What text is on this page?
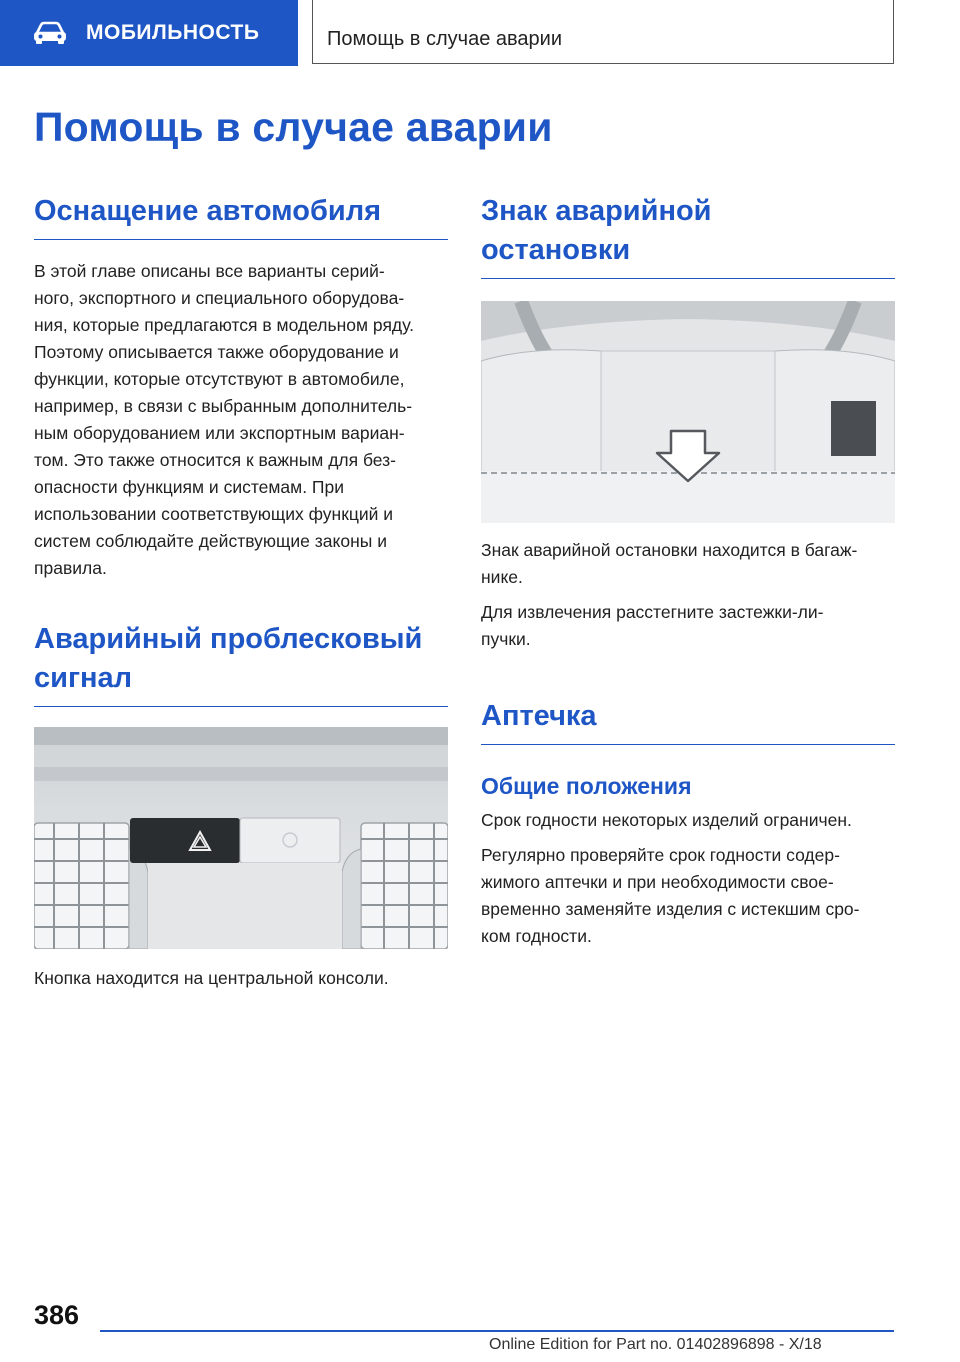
МОБИЛЬНОСТЬ	Помощь в случае аварии
Помощь в случае аварии
Оснащение автомобиля

В этой главе описаны все варианты серий-
ного, экспортного и специального оборудова-
ния, которые предлагаются в модельном ряду.
Поэтому описывается также оборудование и
функции, которые отсутствуют в автомобиле,
например, в связи с выбранным дополнитель-
ным оборудованием или экспортным вариан-
том. Это также относится к важным для без-
опасности функциям и системам. При
использовании соответствующих функций и
систем соблюдайте действующие законы и
правила.

Аварийный проблесковый
сигнал

Кнопка находится на центральной консоли.

Знак аварийной
остановки

Знак аварийной остановки находится в багаж-
нике.

Для извлечения расстегните застежки-ли-
пучки.

Аптечка
Общие положения

Срок годности некоторых изделий ограничен.

Регулярно проверяйте срок годности содер-
жимого аптечки и при необходимости свое-
временно заменяйте изделия с истекшим сро-
ком годности.

386
Online Edition for Part no. 01402896898 - X/18
